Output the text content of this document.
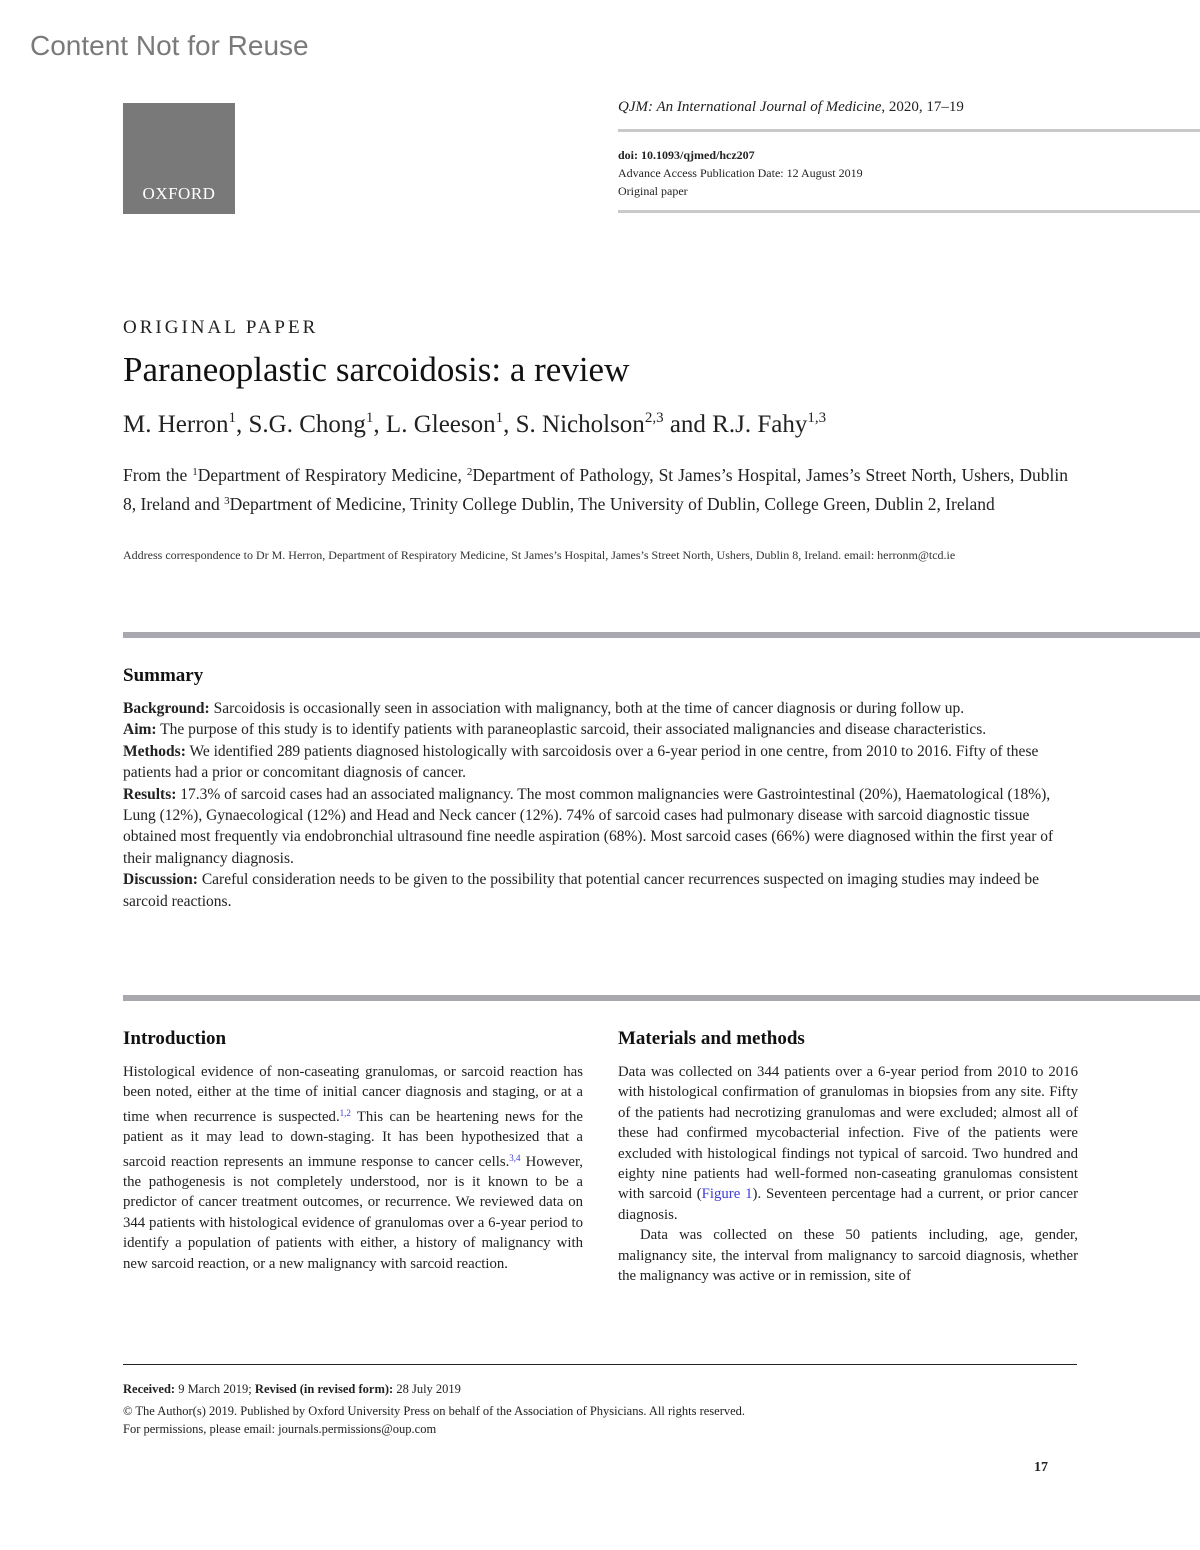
Content Not for Reuse
OXFORD
QJM: An International Journal of Medicine, 2020, 17–19
doi: 10.1093/qjmed/hcz207
Advance Access Publication Date: 12 August 2019
Original paper
ORIGINAL PAPER
Paraneoplastic sarcoidosis: a review
M. Herron$^1$, S.G. Chong$^1$, L. Gleeson$^1$, S. Nicholson$^{2,3}$ and R.J. Fahy$^{1,3}$
From the $^1$Department of Respiratory Medicine, $^2$Department of Pathology, St James’s Hospital, James’s Street North, Ushers, Dublin 8, Ireland and $^3$Department of Medicine, Trinity College Dublin, The University of Dublin, College Green, Dublin 2, Ireland
Address correspondence to Dr M. Herron, Department of Respiratory Medicine, St James’s Hospital, James’s Street North, Ushers, Dublin 8, Ireland. email: herronm@tcd.ie
Summary
Background: Sarcoidosis is occasionally seen in association with malignancy, both at the time of cancer diagnosis or during follow up.
Aim: The purpose of this study is to identify patients with paraneoplastic sarcoid, their associated malignancies and disease characteristics.
Methods: We identified 289 patients diagnosed histologically with sarcoidosis over a 6-year period in one centre, from 2010 to 2016. Fifty of these patients had a prior or concomitant diagnosis of cancer.
Results: 17.3% of sarcoid cases had an associated malignancy. The most common malignancies were Gastrointestinal (20%), Haematological (18%), Lung (12%), Gynaecological (12%) and Head and Neck cancer (12%). 74% of sarcoid cases had pulmonary disease with sarcoid diagnostic tissue obtained most frequently via endobronchial ultrasound fine needle aspiration (68%). Most sarcoid cases (66%) were diagnosed within the first year of their malignancy diagnosis.
Discussion: Careful consideration needs to be given to the possibility that potential cancer recurrences suspected on imaging studies may indeed be sarcoid reactions.
Introduction
Histological evidence of non-caseating granulomas, or sarcoid reaction has been noted, either at the time of initial cancer diagnosis and staging, or at a time when recurrence is suspected.$^{1,2}$ This can be heartening news for the patient as it may lead to down-staging. It has been hypothesized that a sarcoid reaction represents an immune response to cancer cells.$^{3,4}$ However, the pathogenesis is not completely understood, nor is it known to be a predictor of cancer treatment outcomes, or recurrence. We reviewed data on 344 patients with histological evidence of granulomas over a 6-year period to identify a population of patients with either, a history of malignancy with new sarcoid reaction, or a new malignancy with sarcoid reaction.
Materials and methods
Data was collected on 344 patients over a 6-year period from 2010 to 2016 with histological confirmation of granulomas in biopsies from any site. Fifty of the patients had necrotizing granulomas and were excluded; almost all of these had confirmed mycobacterial infection. Five of the patients were excluded with histological findings not typical of sarcoid. Two hundred and eighty nine patients had well-formed non-caseating granulomas consistent with sarcoid (Figure 1). Seventeen percentage had a current, or prior cancer diagnosis.
Data was collected on these 50 patients including, age, gender, malignancy site, the interval from malignancy to sarcoid diagnosis, whether the malignancy was active or in remission, site of
Received: 9 March 2019; Revised (in revised form): 28 July 2019
© The Author(s) 2019. Published by Oxford University Press on behalf of the Association of Physicians. All rights reserved.
For permissions, please email: journals.permissions@oup.com
17
